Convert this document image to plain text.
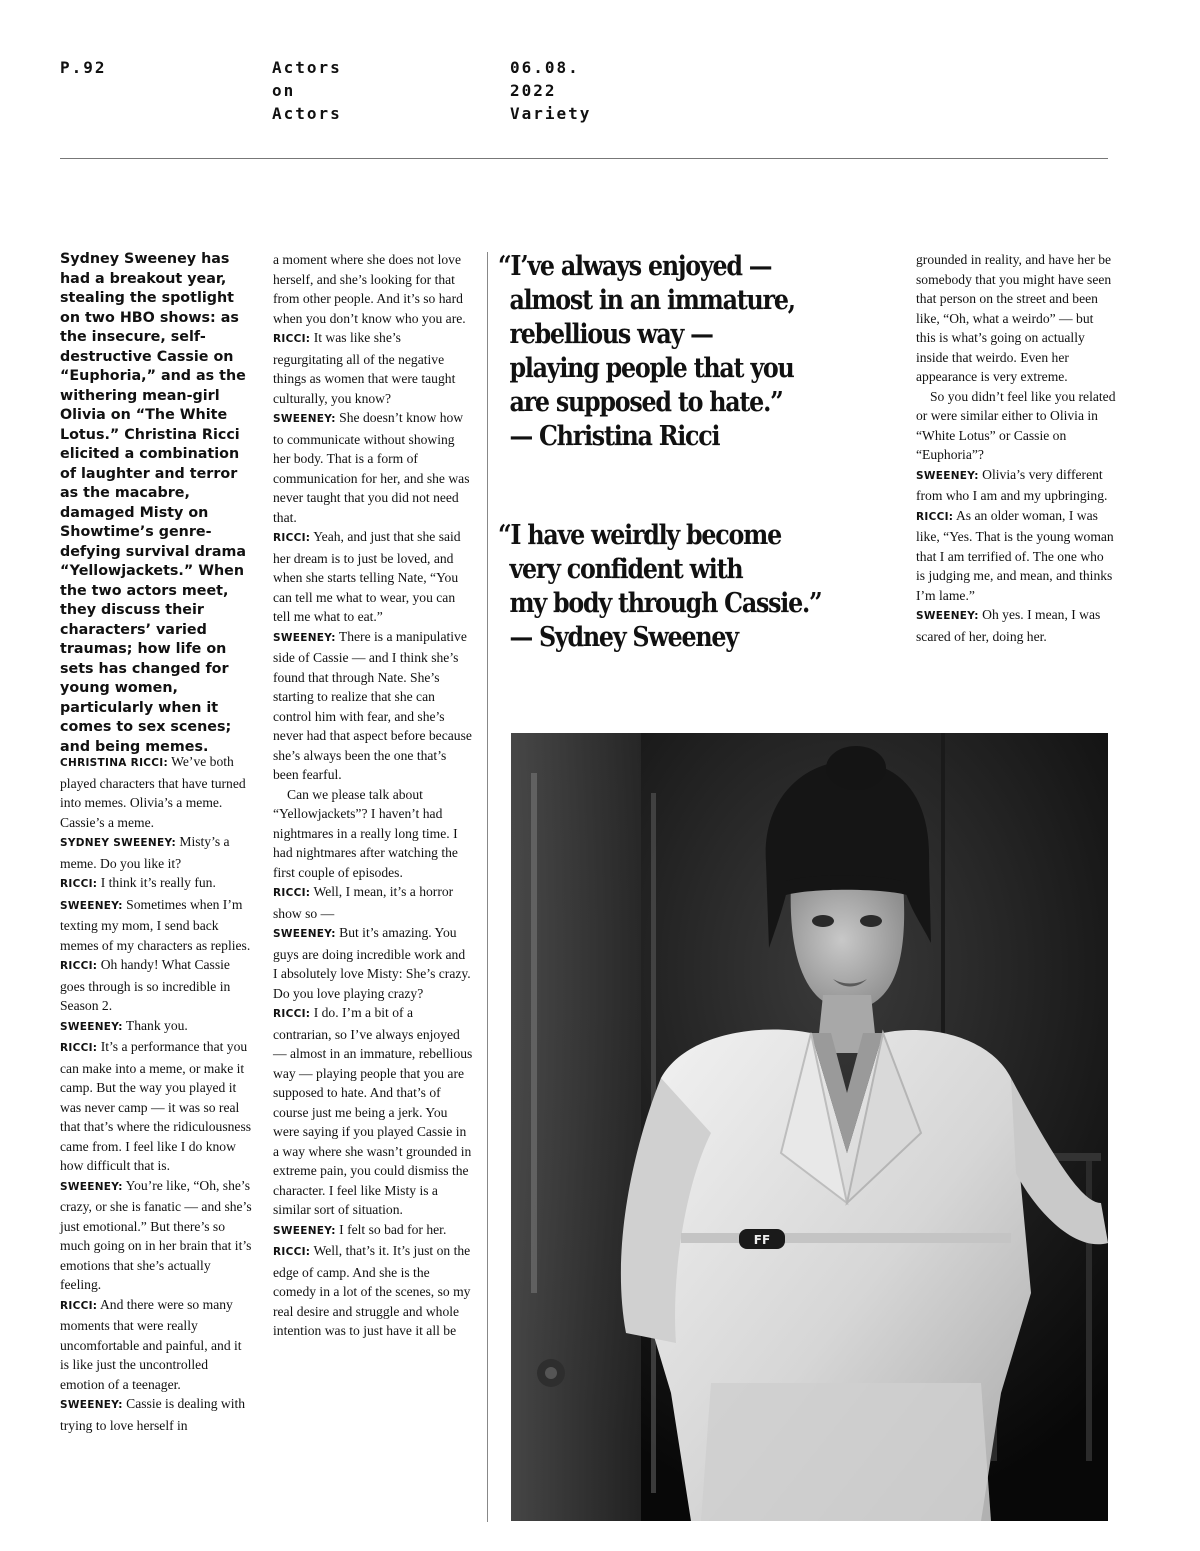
P.92	Actors
on
Actors
06.08.
2022
Variety
Sydney Sweeney has had a breakout year, stealing the spotlight on two HBO shows: as the insecure, self-destructive Cassie on “Euphoria,” and as the withering mean-girl Olivia on “The White Lotus.” Christina Ricci elicited a combination of laughter and terror as the macabre, damaged Misty on Showtime’s genre-defying survival drama “Yellowjackets.” When the two actors meet, they discuss their characters’ varied traumas; how life on sets has changed for young women, particularly when it comes to sex scenes; and being memes.

CHRISTINA RICCI: We’ve both played characters that have turned into memes. Olivia’s a meme. Cassie’s a meme.

SYDNEY SWEENEY: Misty’s a meme. Do you like it?

RICCI: I think it’s really fun.

SWEENEY: Sometimes when I’m texting my mom, I send back memes of my characters as replies.

RICCI: Oh handy! What Cassie goes through is so incredible in Season 2.

SWEENEY: Thank you.

RICCI: It’s a performance that you can make into a meme, or make it camp. But the way you played it was never camp — it was so real that that’s where the ridiculousness came from. I feel like I do know how difficult that is.

SWEENEY: You’re like, “Oh, she’s crazy, or she is fanatic — and she’s just emotional.” But there’s so much going on in her brain that it’s emotions that she’s actually feeling.

RICCI: And there were so many moments that were really uncomfortable and painful, and it is like just the uncontrolled emotion of a teenager.

SWEENEY: Cassie is dealing with trying to love herself in

a moment where she does not love herself, and she’s looking for that from other people. And it’s so hard when you don’t know who you are.

RICCI: It was like she’s regurgitating all of the negative things as women that were taught culturally, you know?

SWEENEY: She doesn’t know how to communicate without showing her body. That is a form of communication for her, and she was never taught that you did not need that.

RICCI: Yeah, and just that she said her dream is to just be loved, and when she starts telling Nate, “You can tell me what to wear, you can tell me what to eat.”

SWEENEY: There is a manipulative side of Cassie — and I think she’s found that through Nate. She’s starting to realize that she can control him with fear, and she’s never had that aspect before because she’s always been the one that’s been fearful.

Can we please talk about “Yellowjackets”? I haven’t had nightmares in a really long time. I had nightmares after watching the first couple of episodes.

RICCI: Well, I mean, it’s a horror show so —

SWEENEY: But it’s amazing. You guys are doing incredible work and I absolutely love Misty: She’s crazy. Do you love playing crazy?

RICCI: I do. I’m a bit of a contrarian, so I’ve always enjoyed — almost in an immature, rebellious way — playing people that you are supposed to hate. And that’s of course just me being a jerk. You were saying if you played Cassie in a way where she wasn’t grounded in extreme pain, you could dismiss the character. I feel like Misty is a similar sort of situation.

SWEENEY: I felt so bad for her.

RICCI: Well, that’s it. It’s just on the edge of camp. And she is the comedy in a lot of the scenes, so my real desire and struggle and whole intention was to just have it all be

grounded in reality, and have her be somebody that you might have seen that person on the street and been like, “Oh, what a weirdo” — but this is what’s going on actually inside that weirdo. Even her appearance is very extreme.

So you didn’t feel like you related or were similar either to Olivia in “White Lotus” or Cassie on “Euphoria”?

SWEENEY: Olivia’s very different from who I am and my upbringing.

RICCI: As an older woman, I was like, “Yes. That is the young woman that I am terrified of. The one who is judging me, and mean, and thinks I’m lame.”

SWEENEY: Oh yes. I mean, I was scared of her, doing her.

“I’ve always enjoyed —
almost in an immature,
rebellious way —
playing people that you
are supposed to hate.”
— Christina Ricci
“I have weirdly become
very confident with
my body through Cassie.”
— Sydney Sweeney
FF
